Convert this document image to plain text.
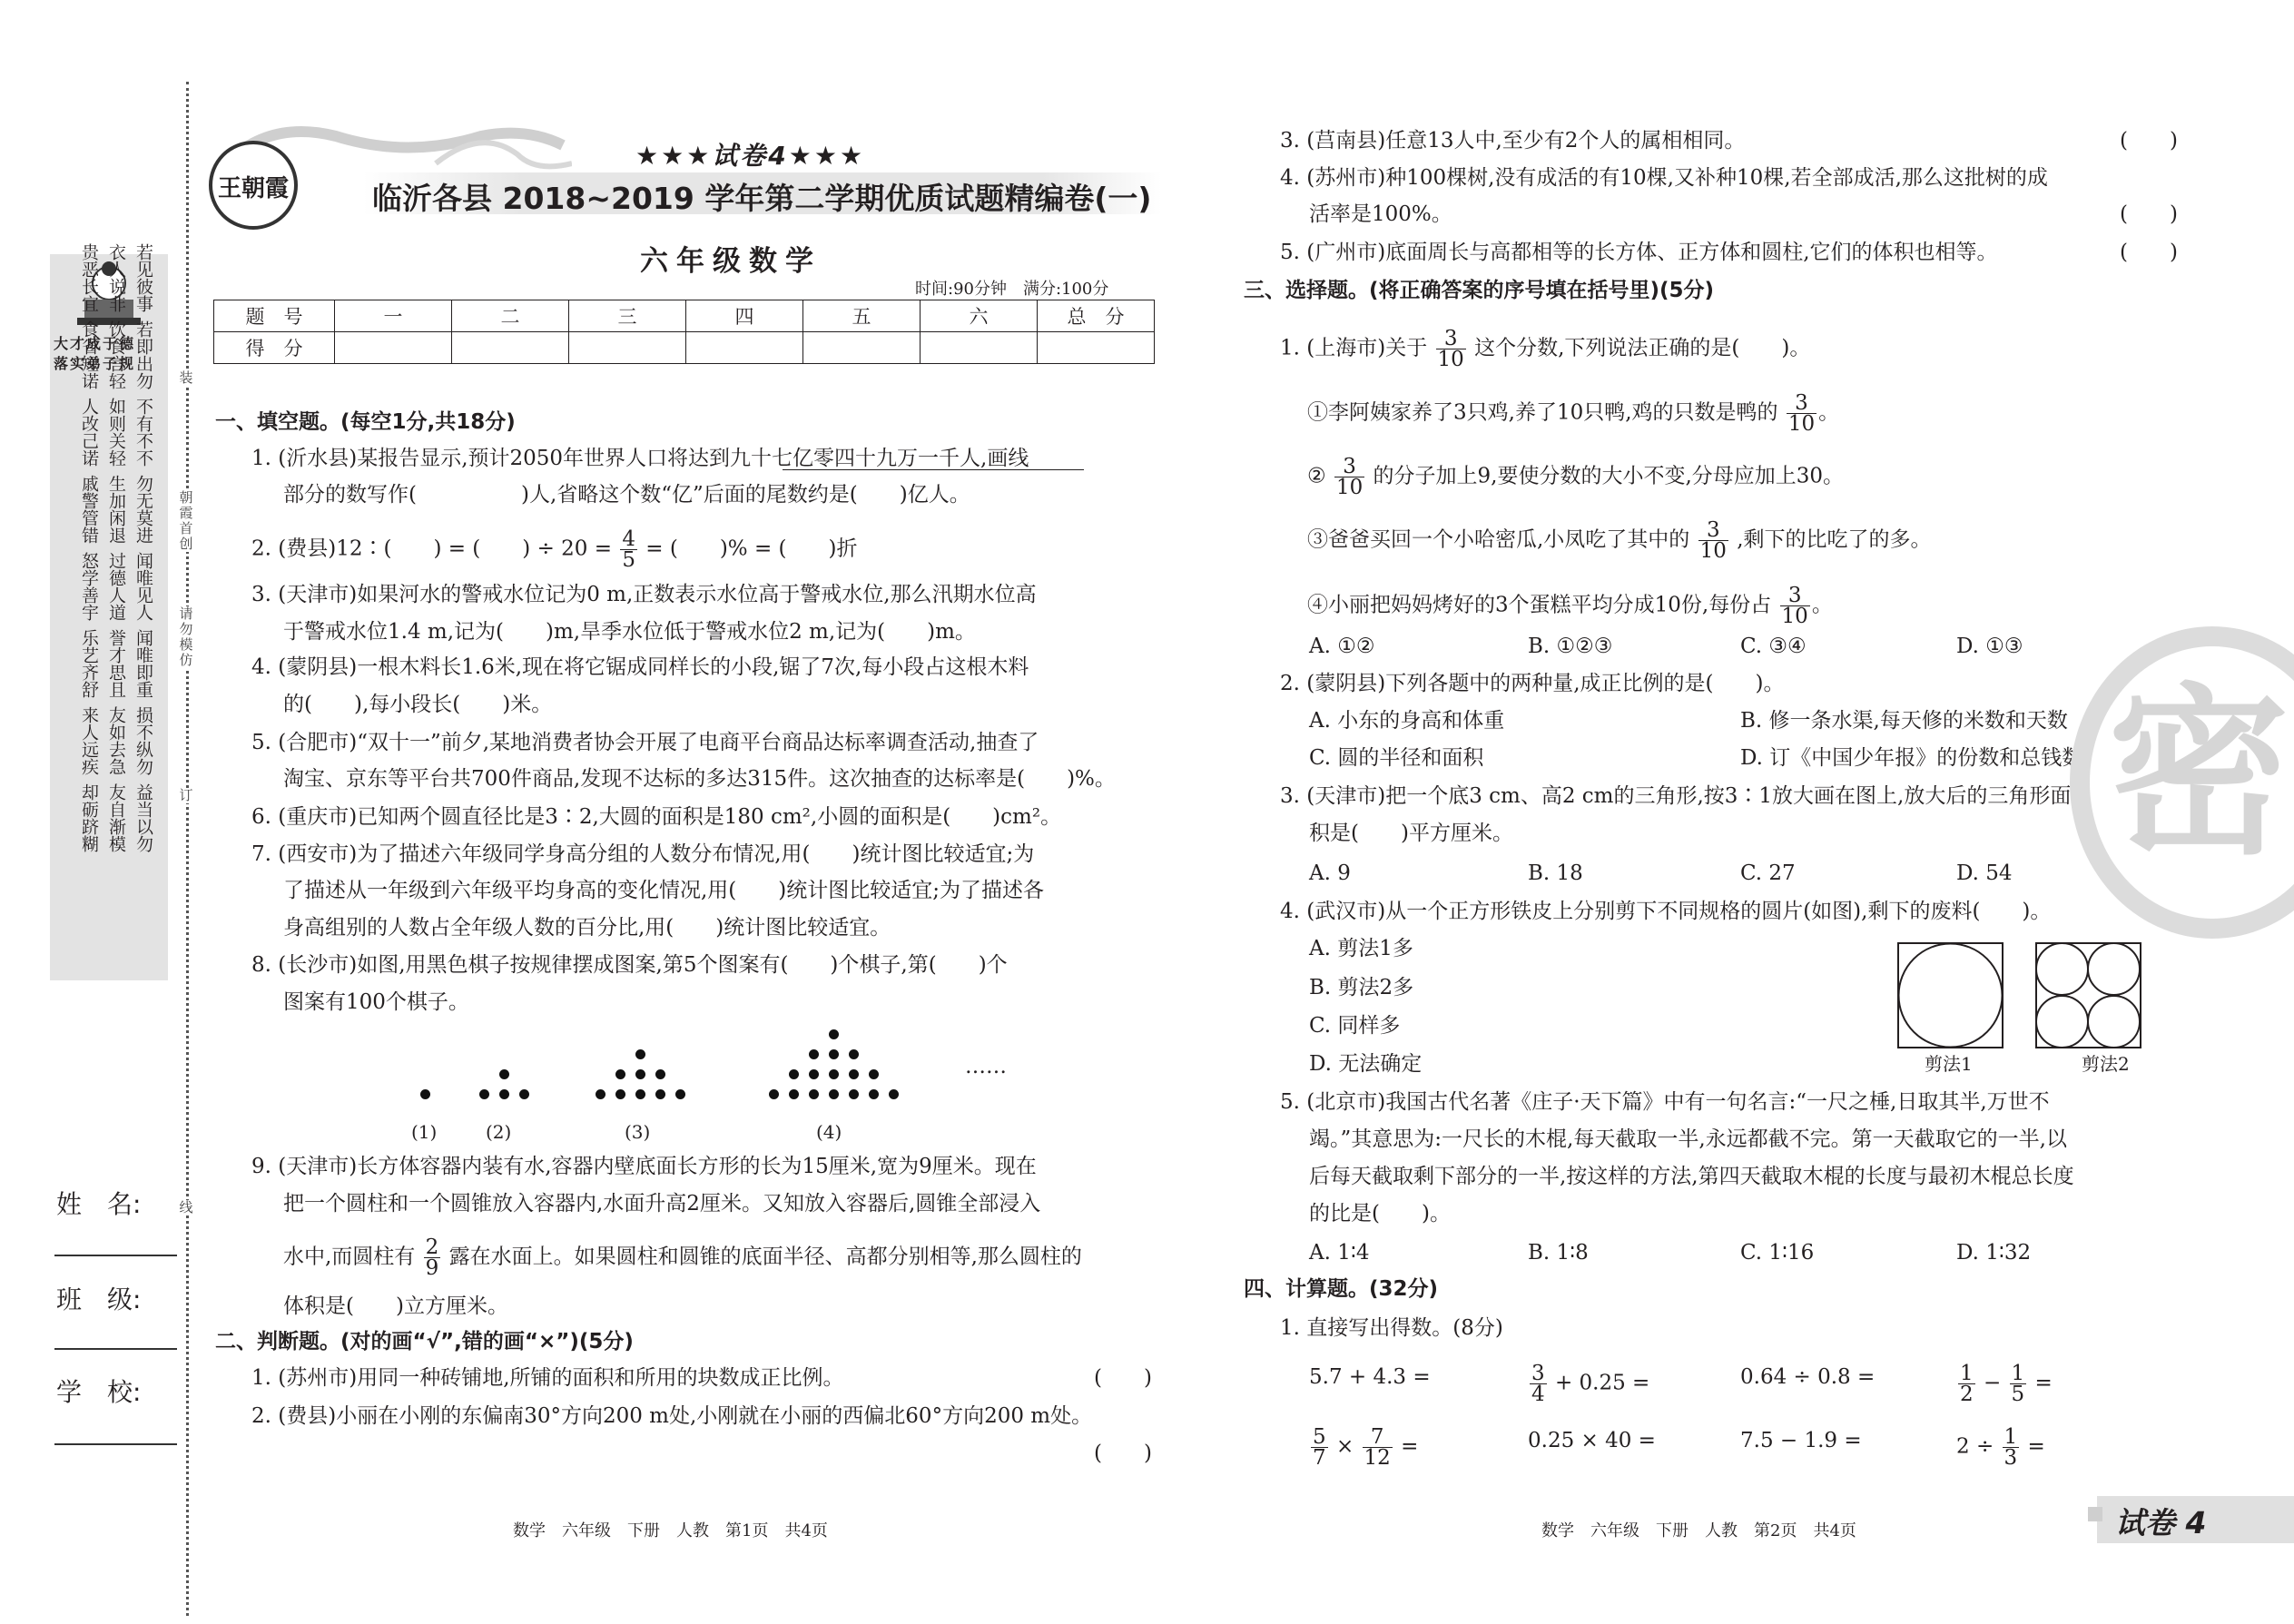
装
朝霞首创
请勿模仿
订
线
大才成于德
落实弟子规
若见彼事
衣人说非
贵恶长宜
若即出勿
饮食言轻
食省短诺
不有不不
如则关轻
人改己诺
勿无莫进
生加闲退
戚警管错
闻唯见人
过德人道
怒学善宇
闻唯即重
誉才思且
乐艺齐舒
损不纵勿
友如去急
来人远疾
益当以勿
友自渐模
却砺跻糊
姓　名:
班　级:
学　校:
王朝霞
★★★试卷4★★★
临沂各县 2018~2019 学年第二学期优质试题精编卷(一)
六年级数学
时间:90分钟　满分:100分
题　号	一	二	三	四	五	六	总　分
得　分							
一、填空题。(每空1分,共18分)
1. (沂水县)某报告显示,预计2050年世界人口将达到九十七亿零四十九万一千人,画线
部分的数写作(　　　　　)人,省略这个数“亿”后面的尾数约是(　　)亿人。
2. (费县)12∶(　　) = (　　) ÷ $20 = \frac{4}{5}$ = (　　)% = (　　)折
3. (天津市)如果河水的警戒水位记为0 m,正数表示水位高于警戒水位,那么汛期水位高
于警戒水位1.4 m,记为(　　)m,旱季水位低于警戒水位2 m,记为(　　)m。
4. (蒙阴县)一根木料长1.6米,现在将它锯成同样长的小段,锯了7次,每小段占这根木料
的(　　),每小段长(　　)米。
5. (合肥市)“双十一”前夕,某地消费者协会开展了电商平台商品达标率调查活动,抽查了
淘宝、京东等平台共700件商品,发现不达标的多达315件。这次抽查的达标率是(　　)%。
6. (重庆市)已知两个圆直径比是3∶2,大圆的面积是180 cm²,小圆的面积是(　　)cm²。
7. (西安市)为了描述六年级同学身高分组的人数分布情况,用(　　)统计图比较适宜;为
了描述从一年级到六年级平均身高的变化情况,用(　　)统计图比较适宜;为了描述各
身高组别的人数占全年级人数的百分比,用(　　)统计图比较适宜。
8. (长沙市)如图,用黑色棋子按规律摆成图案,第5个图案有(　　)个棋子,第(　　)个
图案有100个棋子。
(1)	(2)	(3)	(4)
……
9. (天津市)长方体容器内装有水,容器内壁底面长方形的长为15厘米,宽为9厘米。现在
把一个圆柱和一个圆锥放入容器内,水面升高2厘米。又知放入容器后,圆锥全部浸入
水中,而圆柱有 $\frac{2}{9}$ 露在水面上。如果圆柱和圆锥的底面半径、高都分别相等,那么圆柱的
体积是(　　)立方厘米。
二、判断题。(对的画“√”,错的画“×”)(5分)
1. (苏州市)用同一种砖铺地,所铺的面积和所用的块数成正比例。	(　　)
2. (费县)小丽在小刚的东偏南30°方向200 m处,小刚就在小丽的西偏北60°方向200 m处。
(　　)
数学　六年级　下册　人教　第1页　共4页
3. (莒南县)任意13人中,至少有2个人的属相相同。	(　　)
4. (苏州市)种100棵树,没有成活的有10棵,又补种10棵,若全部成活,那么这批树的成
活率是100%。	(　　)
5. (广州市)底面周长与高都相等的长方体、正方体和圆柱,它们的体积也相等。	(　　)
三、选择题。(将正确答案的序号填在括号里)(5分)
1. (上海市)关于 $\frac{3}{10}$ 这个分数,下列说法正确的是(　　)。
①李阿姨家养了3只鸡,养了10只鸭,鸡的只数是鸭的 $\frac{3}{10}$ 。
② $\frac{3}{10}$ 的分子加上9,要使分数的大小不变,分母应加上30。
③爸爸买回一个小哈密瓜,小凤吃了其中的 $\frac{3}{10}$ ,剩下的比吃了的多。
④小丽把妈妈烤好的3个蛋糕平均分成10份,每份占 $\frac{3}{10}$ 。
A. ①②	B. ①②③	C. ③④	D. ①③
2. (蒙阴县)下列各题中的两种量,成正比例的是(　　)。
A. 小东的身高和体重	B. 修一条水渠,每天修的米数和天数
C. 圆的半径和面积	D. 订《中国少年报》的份数和总钱数
3. (天津市)把一个底3 cm、高2 cm的三角形,按3∶1放大画在图上,放大后的三角形面
积是(　　)平方厘米。
A. 9	B. 18	C. 27	D. 54
4. (武汉市)从一个正方形铁皮上分别剪下不同规格的圆片(如图),剩下的废料(　　)。
A. 剪法1多
B. 剪法2多
C. 同样多
D. 无法确定	剪法1	剪法2
5. (北京市)我国古代名著《庄子·天下篇》中有一句名言:“一尺之棰,日取其半,万世不
竭。”其意思为:一尺长的木棍,每天截取一半,永远都截不完。第一天截取它的一半,以
后每天截取剩下部分的一半,按这样的方法,第四天截取木棍的长度与最初木棍总长度
的比是(　　)。
A. 1∶4	B. 1∶8	C. 1∶16	D. 1∶32
四、计算题。(32分)
1. 直接写出得数。(8分)
5.7 + 4.3 =	$\frac{3}{4} + 0.25$ =	0.64 ÷ 0.8 =	$\frac{1}{2} - \frac{1}{5}$ =
$\frac{5}{7} \times \frac{7}{12}$ =	0.25 × 40 =	7.5 − 1.9 =	$2 \div \frac{1}{3}$ =
数学　六年级　下册　人教　第2页　共4页
密
试卷 4
